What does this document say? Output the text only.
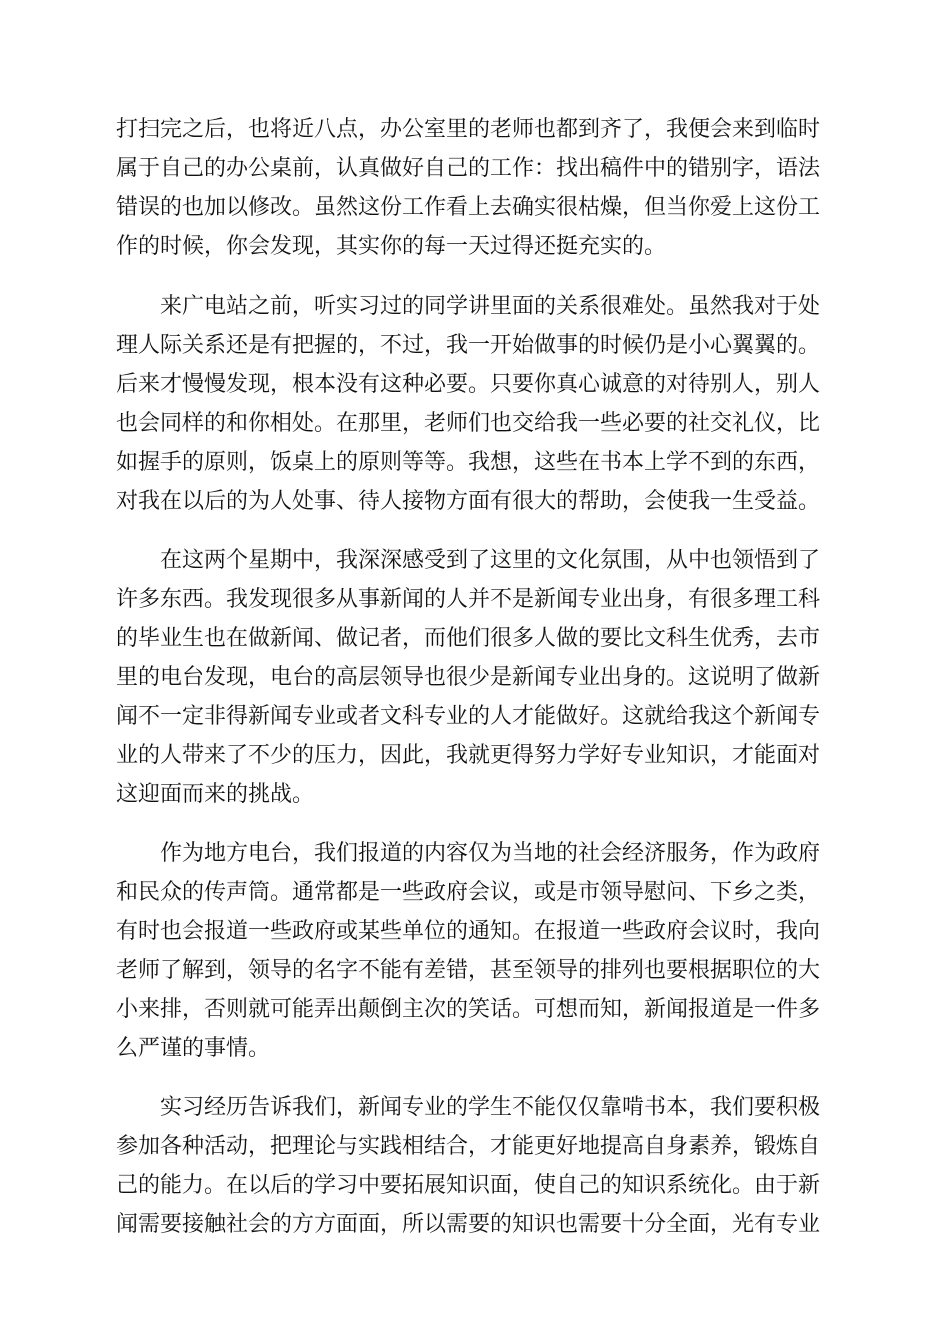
打扫完之后，也将近八点，办公室里的老师也都到齐了，我便会来到临时
属于自己的办公桌前，认真做好自己的工作：找出稿件中的错别字，语法
错误的也加以修改。虽然这份工作看上去确实很枯燥，但当你爱上这份工
作的时候，你会发现，其实你的每一天过得还挺充实的。
来广电站之前，听实习过的同学讲里面的关系很难处。虽然我对于处
理人际关系还是有把握的，不过，我一开始做事的时候仍是小心翼翼的。
后来才慢慢发现，根本没有这种必要。只要你真心诚意的对待别人，别人
也会同样的和你相处。在那里，老师们也交给我一些必要的社交礼仪，比
如握手的原则，饭桌上的原则等等。我想，这些在书本上学不到的东西，
对我在以后的为人处事、待人接物方面有很大的帮助，会使我一生受益。
在这两个星期中，我深深感受到了这里的文化氛围，从中也领悟到了
许多东西。我发现很多从事新闻的人并不是新闻专业出身，有很多理工科
的毕业生也在做新闻、做记者，而他们很多人做的要比文科生优秀，去市
里的电台发现，电台的高层领导也很少是新闻专业出身的。这说明了做新
闻不一定非得新闻专业或者文科专业的人才能做好。这就给我这个新闻专
业的人带来了不少的压力，因此，我就更得努力学好专业知识，才能面对
这迎面而来的挑战。
作为地方电台，我们报道的内容仅为当地的社会经济服务，作为政府
和民众的传声筒。通常都是一些政府会议，或是市领导慰问、下乡之类，
有时也会报道一些政府或某些单位的通知。在报道一些政府会议时，我向
老师了解到，领导的名字不能有差错，甚至领导的排列也要根据职位的大
小来排，否则就可能弄出颠倒主次的笑话。可想而知，新闻报道是一件多
么严谨的事情。
实习经历告诉我们，新闻专业的学生不能仅仅靠啃书本，我们要积极
参加各种活动，把理论与实践相结合，才能更好地提高自身素养，锻炼自
己的能力。在以后的学习中要拓展知识面，使自己的知识系统化。由于新
闻需要接触社会的方方面面，所以需要的知识也需要十分全面，光有专业
